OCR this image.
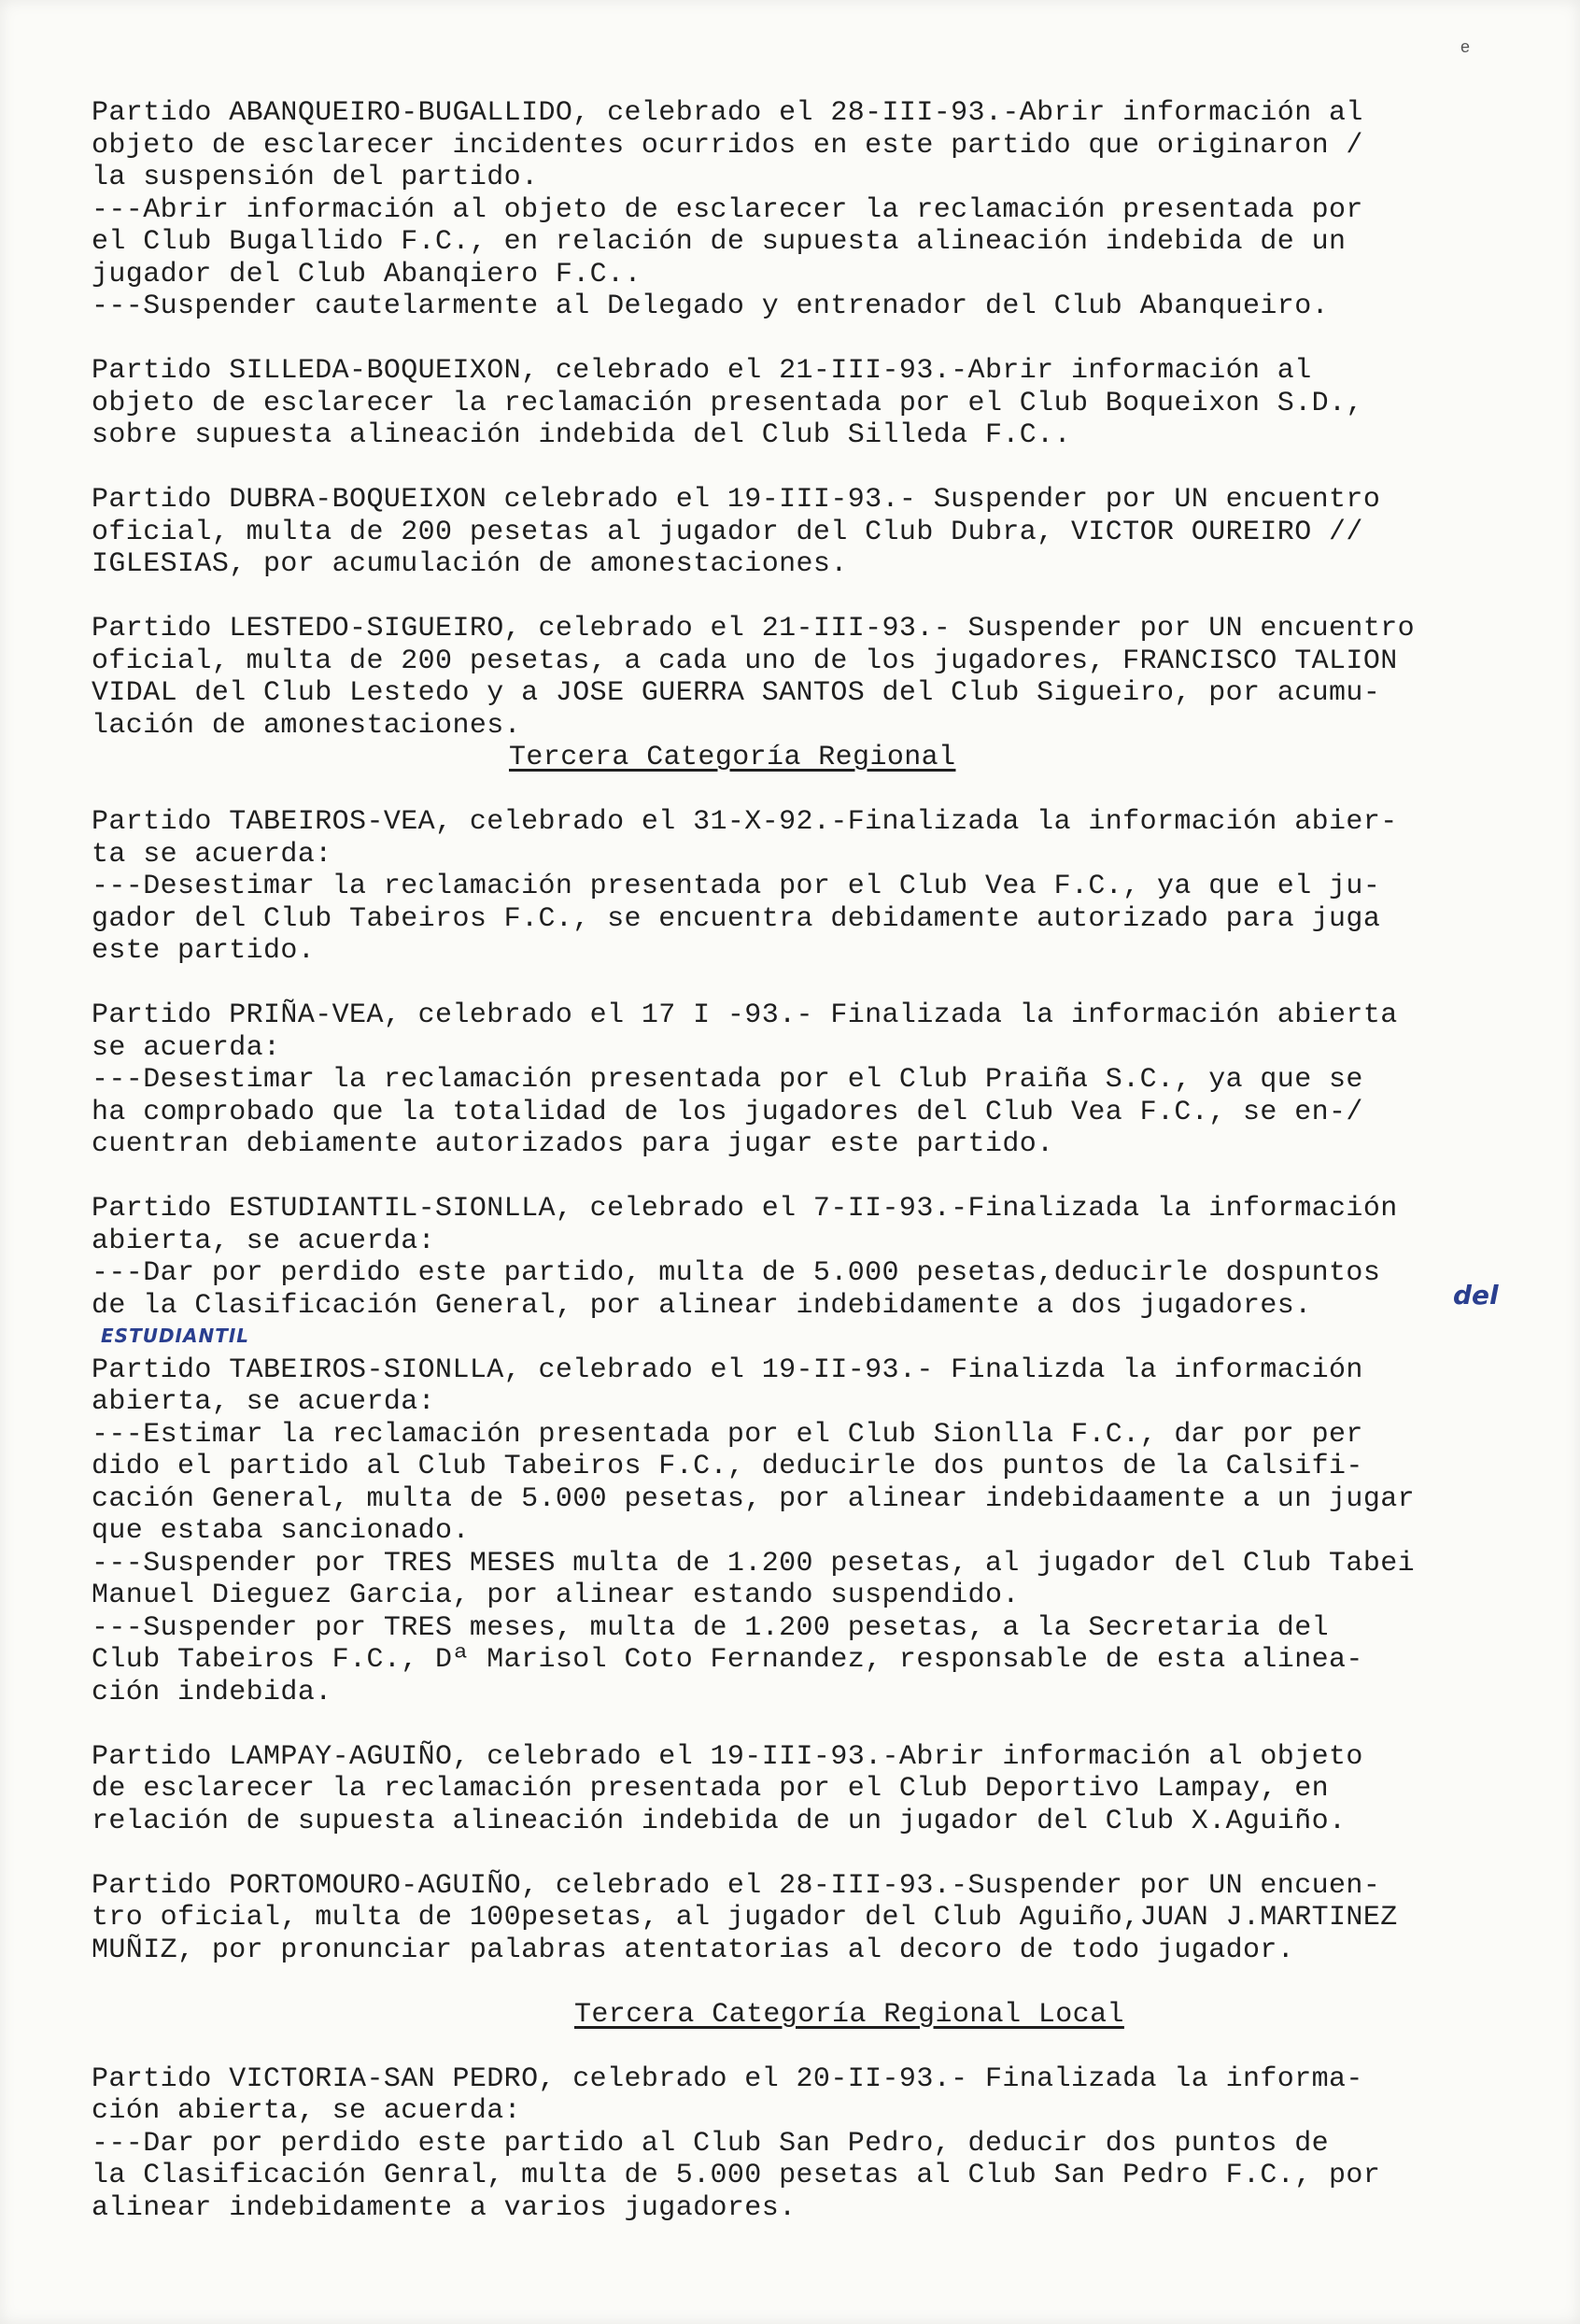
e
Partido ABANQUEIRO-BUGALLIDO, celebrado el 28-III-93.-Abrir información al
objeto de esclarecer incidentes ocurridos en este partido que originaron /
la suspensión del partido.
---Abrir información al objeto de esclarecer la reclamación presentada por
el Club Bugallido F.C., en relación de supuesta alineación indebida de un
jugador del Club Abanqiero F.C..
---Suspender cautelarmente al Delegado y entrenador del Club Abanqueiro.
Partido SILLEDA-BOQUEIXON, celebrado el 21-III-93.-Abrir información al
objeto de esclarecer la reclamación presentada por el Club Boqueixon S.D.,
sobre supuesta alineación indebida del Club Silleda F.C..
Partido DUBRA-BOQUEIXON celebrado el 19-III-93.- Suspender por UN encuentro
oficial, multa de 200 pesetas al jugador del Club Dubra, VICTOR OUREIRO //
IGLESIAS, por acumulación de amonestaciones.
Partido LESTEDO-SIGUEIRO, celebrado el 21-III-93.- Suspender por UN encuentro
oficial, multa de 200 pesetas, a cada uno de los jugadores, FRANCISCO TALION
VIDAL del Club Lestedo y a JOSE GUERRA SANTOS del Club Sigueiro, por acumu-
lación de amonestaciones.
Tercera Categoría Regional
Partido TABEIROS-VEA, celebrado el 31-X-92.-Finalizada la información abier-
ta se acuerda:
---Desestimar la reclamación presentada por el Club Vea F.C., ya que el ju-
gador del Club Tabeiros F.C., se encuentra debidamente autorizado para juga
este partido.
Partido PRIÑA-VEA, celebrado el 17 I -93.- Finalizada la información abierta
se acuerda:
---Desestimar la reclamación presentada por el Club Praiña S.C., ya que se
ha comprobado que la totalidad de los jugadores del Club Vea F.C., se en-/
cuentran debiamente autorizados para jugar este partido.
Partido ESTUDIANTIL-SIONLLA, celebrado el 7-II-93.-Finalizada la información
abierta, se acuerda:
---Dar por perdido este partido, multa de 5.000 pesetas,deducirle dospuntos
de la Clasificación General, por alinear indebidamente a dos jugadores.
Partido TABEIROS-SIONLLA, celebrado el 19-II-93.- Finalizda la información
abierta, se acuerda:
---Estimar la reclamación presentada por el Club Sionlla F.C., dar por per
dido el partido al Club Tabeiros F.C., deducirle dos puntos de la Calsifi-
cación General, multa de 5.000 pesetas, por alinear indebidaamente a un jugar
que estaba sancionado.
---Suspender por TRES MESES multa de 1.200 pesetas, al jugador del Club Tabei
Manuel Dieguez Garcia, por alinear estando suspendido.
---Suspender por TRES meses, multa de 1.200 pesetas, a la Secretaria del
Club Tabeiros F.C., Dª Marisol Coto Fernandez, responsable de esta alinea-
ción indebida.
Partido LAMPAY-AGUIÑO, celebrado el 19-III-93.-Abrir información al objeto
de esclarecer la reclamación presentada por el Club Deportivo Lampay, en
relación de supuesta alineación indebida de un jugador del Club X.Aguiño.
Partido PORTOMOURO-AGUIÑO, celebrado el 28-III-93.-Suspender por UN encuen-
tro oficial, multa de 100pesetas, al jugador del Club Aguiño,JUAN J.MARTINEZ
MUÑIZ, por pronunciar palabras atentatorias al decoro de todo jugador.
Tercera Categoría Regional Local
Partido VICTORIA-SAN PEDRO, celebrado el 20-II-93.- Finalizada la informa-
ción abierta, se acuerda:
---Dar por perdido este partido al Club San Pedro, deducir dos puntos de
la Clasificación Genral, multa de 5.000 pesetas al Club San Pedro F.C., por
alinear indebidamente a varios jugadores.
del
ESTUDIANTIL
